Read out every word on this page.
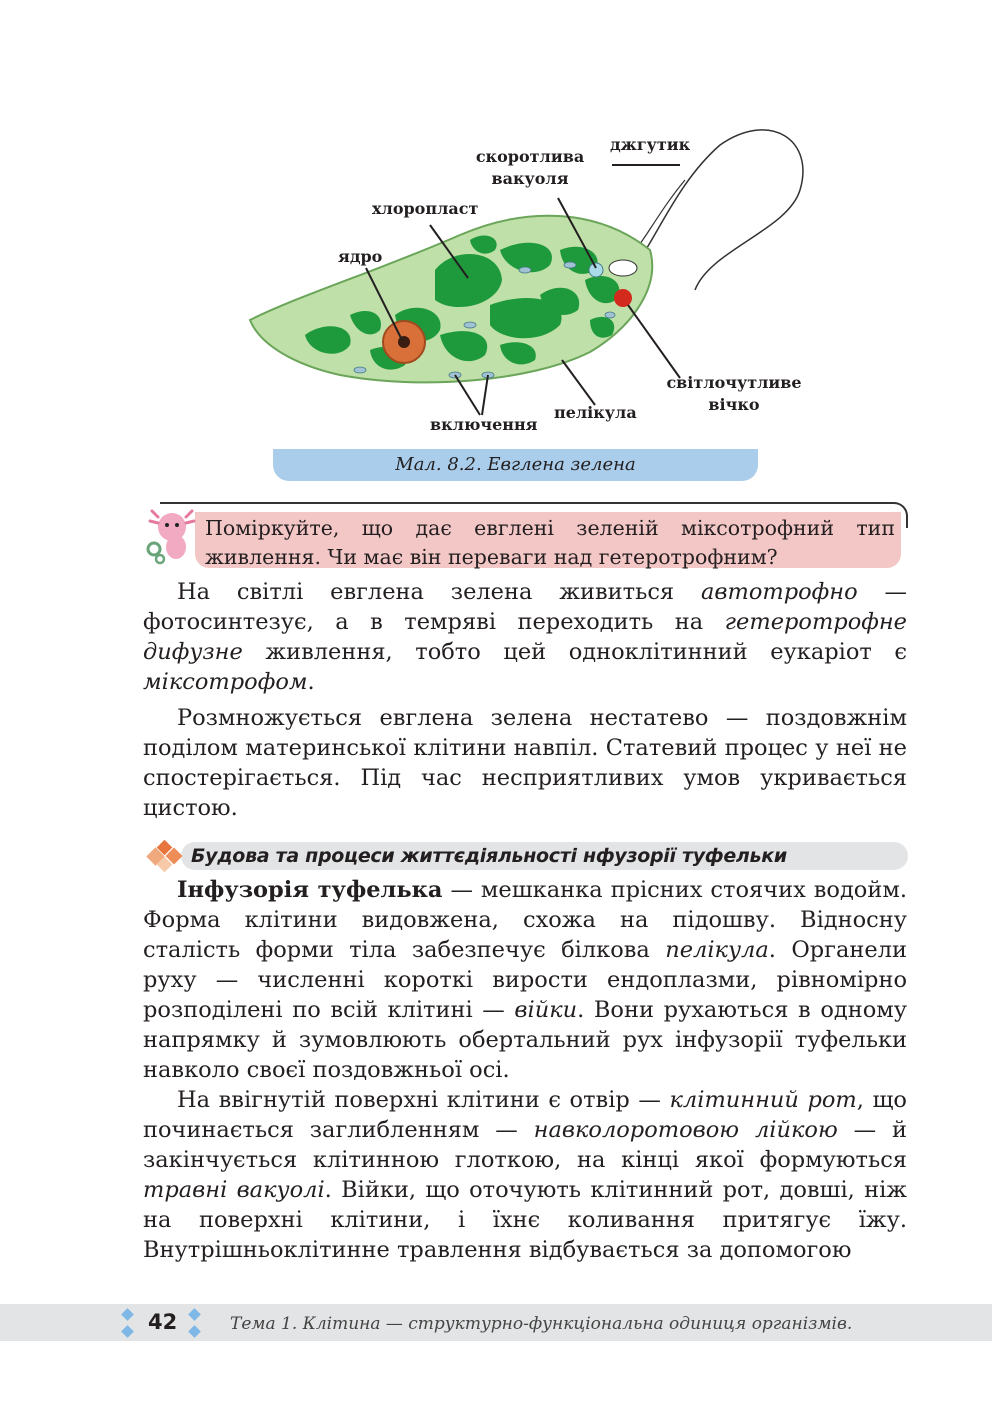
джгутик
скоротлива вакуоля
хлоропласт
ядро
світлочутливе вічко
пелікула
включення
Мал. 8.2. Евглена зелена
Поміркуйте, що дає евглені зеленій міксотрофний тип живлення. Чи має він переваги над гетеротрофним?

На світлі евглена зелена живиться автотрофно — фотосинтезує, а в темряві переходить на гетеротрофне дифузне живлення, тобто цей одноклітинний еукаріот є міксотрофом.

Розмножується евглена зелена нестатево — поздовжнім поділом материнської клітини навпіл. Статевий процес у неї не спостерігається. Під час несприятливих умов укривається цистою.

Будова та процеси життєдіяльності нфузорії туфельки

Інфузорія туфелька — мешканка прісних стоячих водойм. Форма клітини видовжена, схожа на підошву. Відносну сталість форми тіла забезпечує білкова пелікула. Органели руху — численні короткі вирости ендоплазми, рівномірно розподілені по всій клітині — війки. Вони рухаються в одному напрямку й зумовлюють обертальний рух інфузорії туфельки навколо своєї поздовжньої осі.

На ввігнутій поверхні клітини є отвір — клітинний рот, що починається заглибленням — навколоротовою лійкою — й закінчується клітинною глоткою, на кінці якої формуються травні вакуолі. Війки, що оточують клітинний рот, довші, ніж на поверхні клітини, і їхнє коливання притягує їжу. Внутрішньоклітинне травлення відбувається за допомогою

42	Тема 1. Клітина — структурно-функціональна одиниця організмів.
